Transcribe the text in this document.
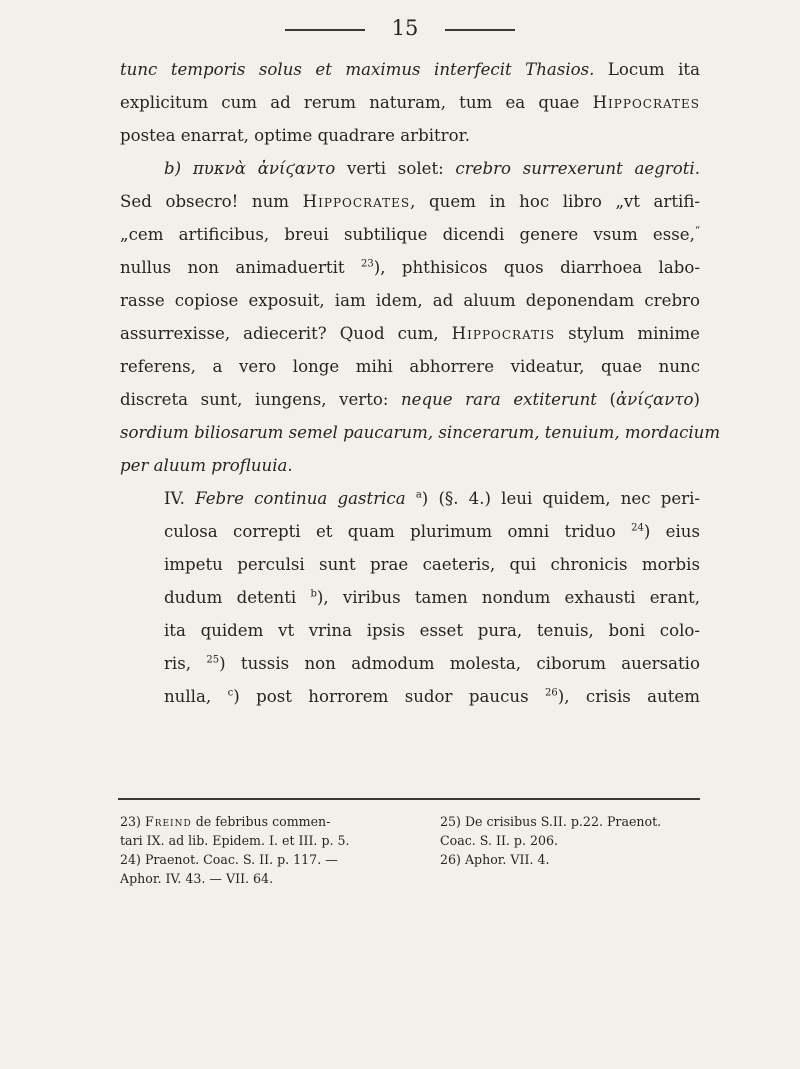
15
tunc temporis solus et maximus interfecit Thasios. Locum ita
explicitum cum ad rerum naturam, tum ea quae Hippocrates
postea enarrat, optime quadrare arbitror.
b) πυκνὰ ἀνίϛαντο verti solet: crebro surrexerunt aegroti.
Sed obsecro! num Hippocrates, quem in hoc libro „vt artifi-
„cem artificibus, breui subtilique dicendi genere vsum esse,“
nullus non animaduertit $^{23}$), phthisicos quos diarrhoea labo-
rasse copiose exposuit, iam idem, ad aluum deponendam crebro
assurrexisse, adiecerit? Quod cum, Hippocratis stylum minime
referens, a vero longe mihi abhorrere videatur, quae nunc
discreta sunt, iungens, verto: neque rara extiterunt (ἀνίϛαντο)
sordium biliosarum semel paucarum, sincerarum, tenuium, mordacium
per aluum profluuia.
IV. Febre continua gastrica $^a$) (§. 4.) leui quidem, nec peri-
culosa correpti et quam plurimum omni triduo $^{24}$) eius
impetu perculsi sunt prae caeteris, qui chronicis morbis
dudum detenti $^b$), viribus tamen nondum exhausti erant,
ita quidem vt vrina ipsis esset pura, tenuis, boni colo-
ris, $^{25}$) tussis non admodum molesta, ciborum auersatio
nulla, $^c$) post horrorem sudor paucus $^{26}$), crisis autem
23) Freind de febribus commen-
tari IX. ad lib. Epidem. I. et III. p. 5.
24) Praenot. Coac. S. II. p. 117. —
Aphor. IV. 43. — VII. 64.
25) De crisibus S.II. p.22. Praenot.
Coac. S. II. p. 206.
26) Aphor. VII. 4.
